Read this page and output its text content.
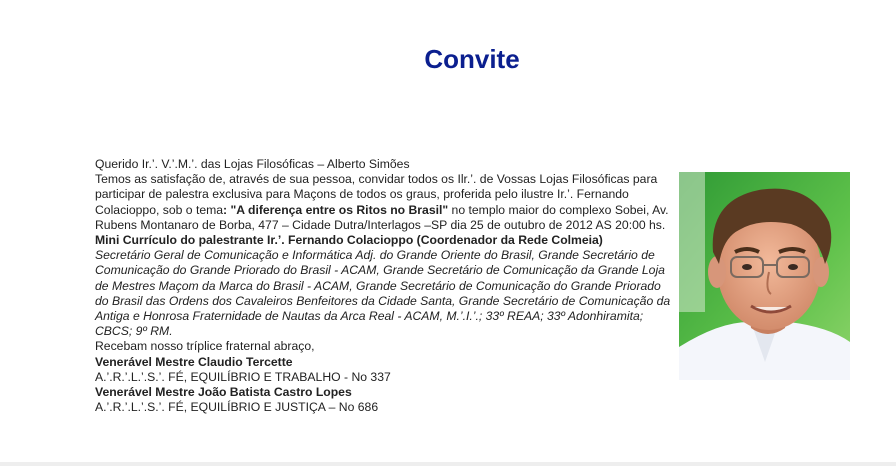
Convite

Querido Ir.’. V.’.M.’. das Lojas Filosóficas – Alberto Simões

Temos as satisfação de, através de sua pessoa, convidar todos os Ilr.’. de Vossas Lojas Filosóficas para participar de palestra exclusiva para Maçons de todos os graus, proferida pelo ilustre Ir.’. Fernando Colacioppo, sob o tema: "A diferença entre os Ritos no Brasil" no templo maior do complexo Sobei, Av. Rubens Montanaro de Borba, 477 – Cidade Dutra/Interlagos –SP dia 25 de outubro de 2012 AS 20:00 hs.

Mini Currículo do palestrante Ir.’. Fernando Colacioppo (Coordenador da Rede Colmeia)

Secretário Geral de Comunicação e Informática Adj. do Grande Oriente do Brasil, Grande Secretário de Comunicação do Grande Priorado do Brasil - ACAM, Grande Secretário de Comunicação da Grande Loja de Mestres Maçom da Marca do Brasil - ACAM, Grande Secretário de Comunicação do Grande Priorado do Brasil das Ordens dos Cavaleiros Benfeitores da Cidade Santa, Grande Secretário de Comunicação da Antiga e Honrosa Fraternidade de Nautas da Arca Real - ACAM, M.’.I.’.; 33º REAA; 33º Adonhiramita; CBCS; 9º RM.

Recebam nosso tríplice fraternal abraço,

Venerável Mestre Claudio Tercette

A.’.R.’.L.’.S.’. FÉ, EQUILÍBRIO E TRABALHO - No 337

Venerável Mestre João Batista Castro Lopes

A.’.R.’.L.’.S.’. FÉ, EQUILÍBRIO E JUSTIÇA – No 686
